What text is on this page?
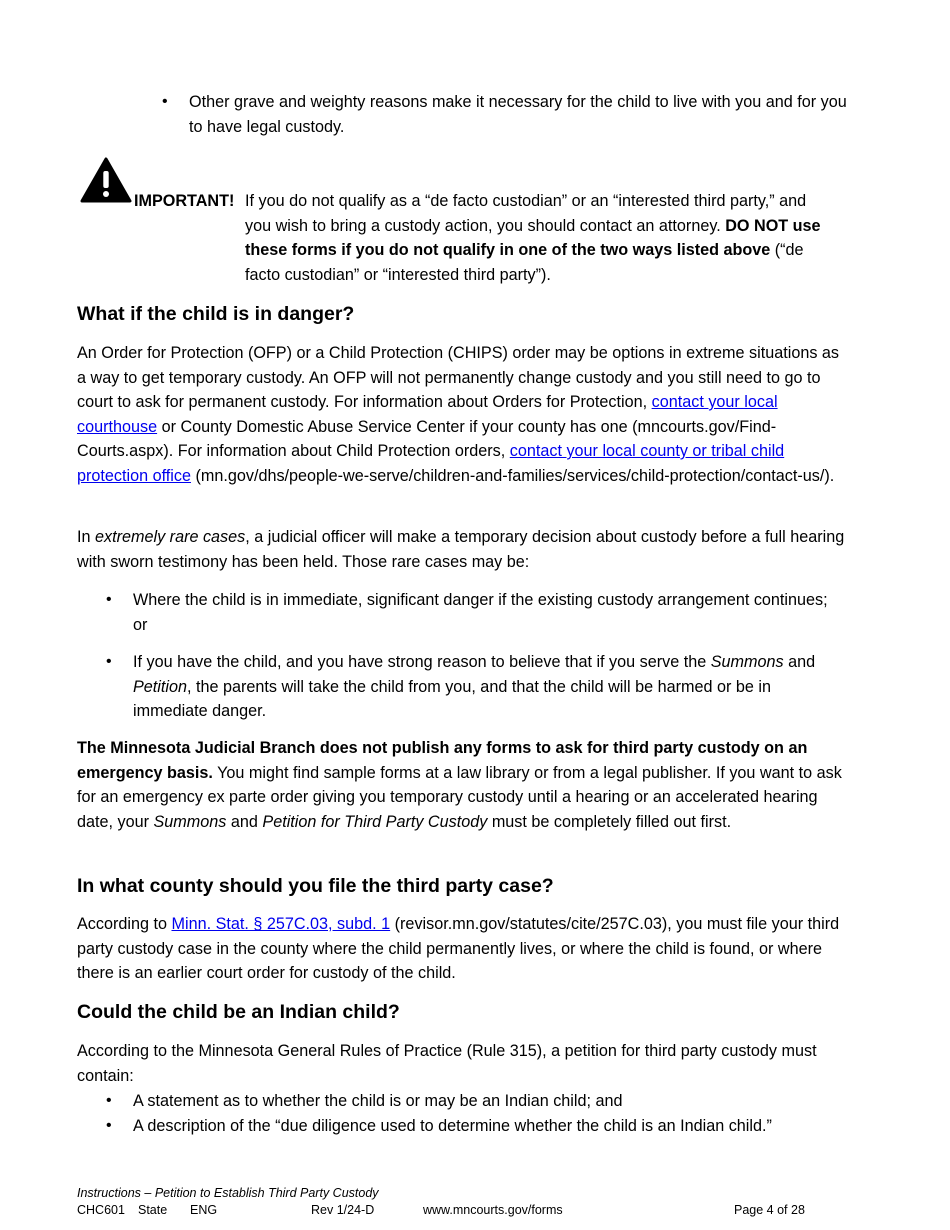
Other grave and weighty reasons make it necessary for the child to live with you and for you to have legal custody.
IMPORTANT! If you do not qualify as a “de facto custodian” or an “interested third party,” and you wish to bring a custody action, you should contact an attorney. DO NOT use these forms if you do not qualify in one of the two ways listed above (“de facto custodian” or “interested third party”).
What if the child is in danger?

An Order for Protection (OFP) or a Child Protection (CHIPS) order may be options in extreme situations as a way to get temporary custody. An OFP will not permanently change custody and you still need to go to court to ask for permanent custody. For information about Orders for Protection, contact your local courthouse or County Domestic Abuse Service Center if your county has one (mncourts.gov/Find-Courts.aspx). For information about Child Protection orders, contact your local county or tribal child protection office (mn.gov/dhs/people-we-serve/children-and-families/services/child-protection/contact-us/).

In extremely rare cases, a judicial officer will make a temporary decision about custody before a full hearing with sworn testimony has been held. Those rare cases may be:

Where the child is in immediate, significant danger if the existing custody arrangement continues; or
If you have the child, and you have strong reason to believe that if you serve the Summons and Petition, the parents will take the child from you, and that the child will be harmed or be in immediate danger.

The Minnesota Judicial Branch does not publish any forms to ask for third party custody on an emergency basis. You might find sample forms at a law library or from a legal publisher. If you want to ask for an emergency ex parte order giving you temporary custody until a hearing or an accelerated hearing date, your Summons and Petition for Third Party Custody must be completely filled out first.

In what county should you file the third party case?

According to Minn. Stat. § 257C.03, subd. 1 (revisor.mn.gov/statutes/cite/257C.03), you must file your third party custody case in the county where the child permanently lives, or where the child is found, or where there is an earlier court order for custody of the child.

Could the child be an Indian child?

According to the Minnesota General Rules of Practice (Rule 315), a petition for third party custody must contain:

A statement as to whether the child is or may be an Indian child; and
A description of the “due diligence used to determine whether the child is an Indian child.”
Instructions – Petition to Establish Third Party Custody
CHC601 State ENG	Rev 1/24-D	www.mncourts.gov/forms	Page 4 of 28
